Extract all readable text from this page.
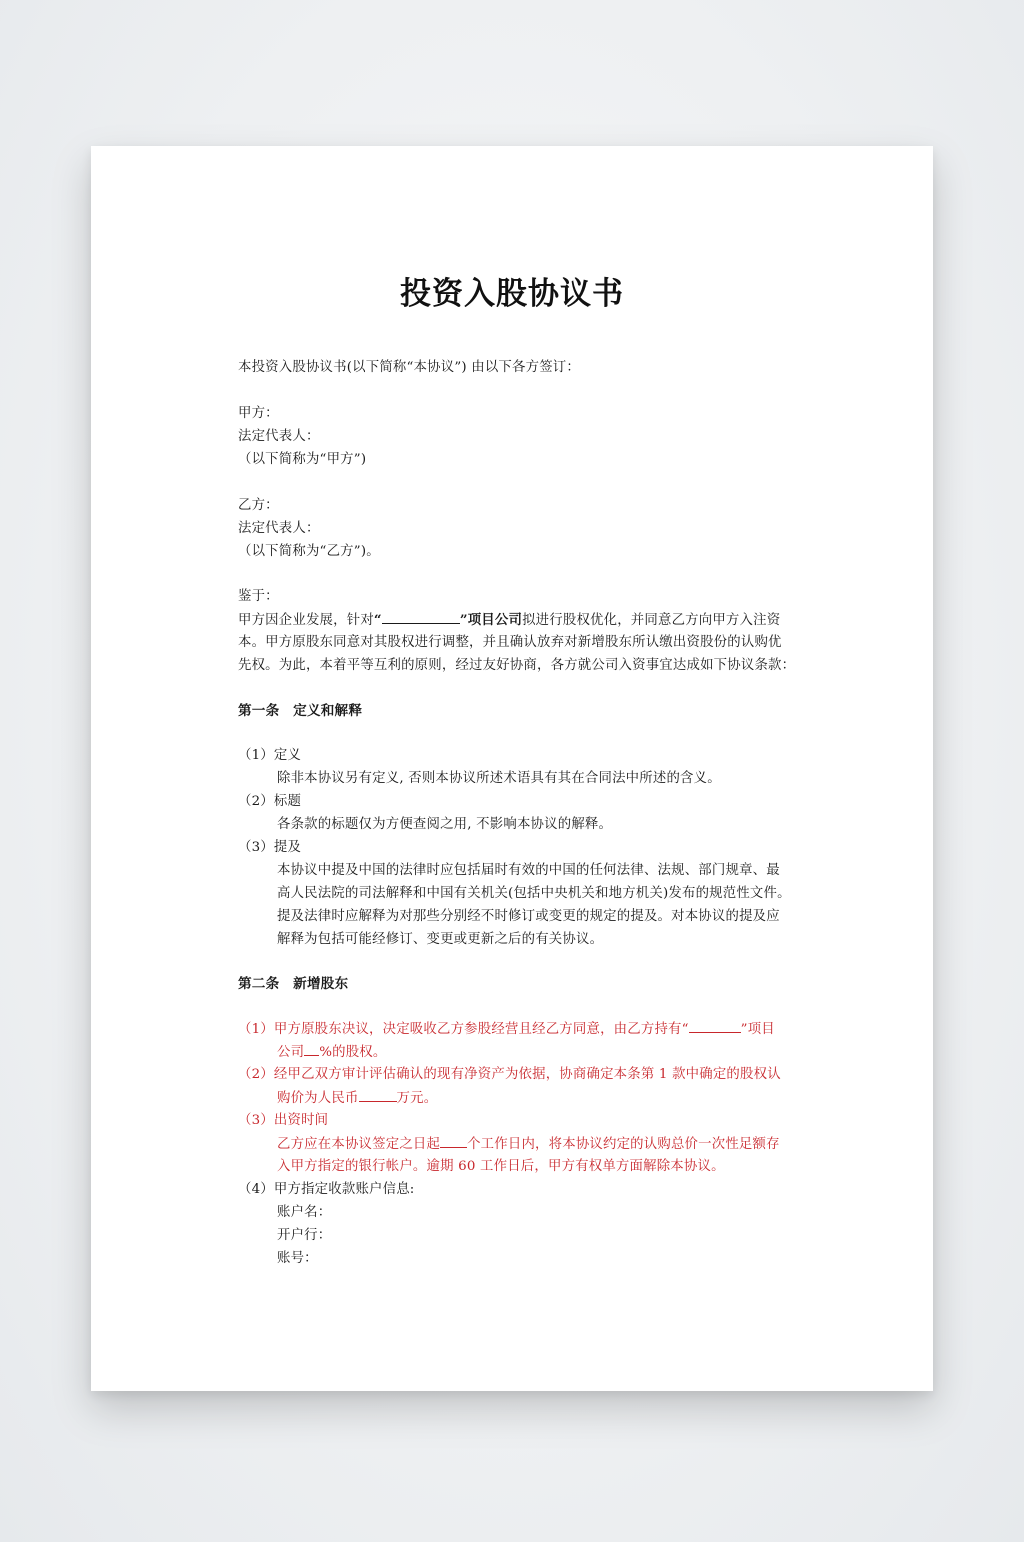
投资入股协议书
本投资入股协议书(以下简称“本协议”) 由以下各方签订：
甲方：
法定代表人：
（以下简称为“甲方”)
乙方：
法定代表人：
（以下简称为“乙方”)。
鉴于：
甲方因企业发展，针对“	”项目公司拟进行股权优化，并同意乙方向甲方入注资
本。甲方原股东同意对其股权进行调整，并且确认放弃对新增股东所认缴出资股份的认购优
先权。为此，本着平等互利的原则，经过友好协商，各方就公司入资事宜达成如下协议条款：
第一条　定义和解释
（1）定义
除非本协议另有定义, 否则本协议所述术语具有其在合同法中所述的含义。
（2）标题
各条款的标题仅为方便查阅之用, 不影响本协议的解释。
（3）提及
本协议中提及中国的法律时应包括届时有效的中国的任何法律、法规、部门规章、最
高人民法院的司法解释和中国有关机关(包括中央机关和地方机关)发布的规范性文件。
提及法律时应解释为对那些分别经不时修订或变更的规定的提及。对本协议的提及应
解释为包括可能经修订、变更或更新之后的有关协议。
第二条　新增股东
（1）甲方原股东决议，决定吸收乙方参股经营且经乙方同意，由乙方持有“	”项目
公司 %的股权。
（2）经甲乙双方审计评估确认的现有净资产为依据，协商确定本条第 1 款中确定的股权认
购价为人民币	万元。
（3）出资时间
乙方应在本协议签定之日起 个工作日内，将本协议约定的认购总价一次性足额存
入甲方指定的银行帐户。逾期 60 工作日后，甲方有权单方面解除本协议。
（4）甲方指定收款账户信息:
账户名：
开户行：
账号：
